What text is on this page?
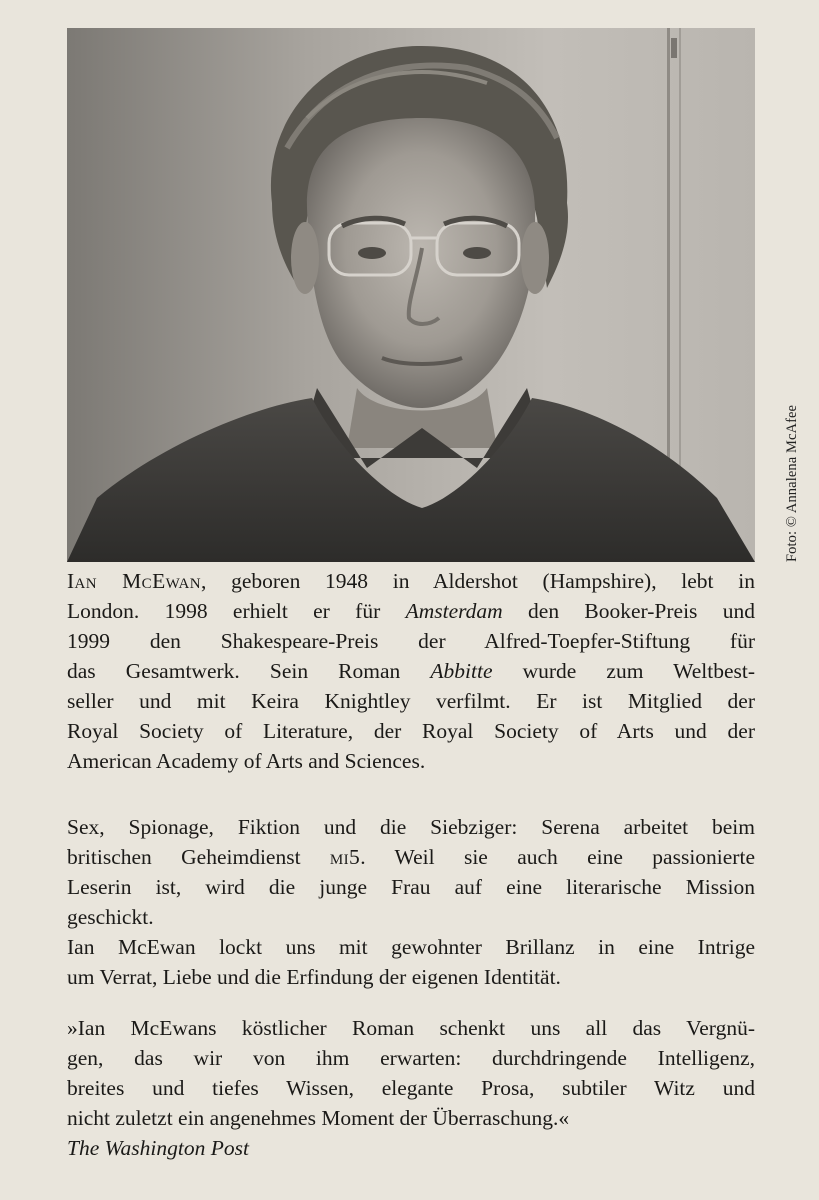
Foto: © Annalena McAfee
Ian McEwan, geboren 1948 in Aldershot (Hampshire), lebt in
London. 1998 erhielt er für Amsterdam den Booker-Preis und
1999 den Shakespeare-Preis der Alfred-Toepfer-Stiftung für
das Gesamtwerk. Sein Roman Abbitte wurde zum Weltbest-
seller und mit Keira Knightley verfilmt. Er ist Mitglied der
Royal Society of Literature, der Royal Society of Arts und der
American Academy of Arts and Sciences.
Sex, Spionage, Fiktion und die Siebziger: Serena arbeitet beim
britischen Geheimdienst mi5. Weil sie auch eine passionierte
Leserin ist, wird die junge Frau auf eine literarische Mission
geschickt.
Ian McEwan lockt uns mit gewohnter Brillanz in eine Intrige
um Verrat, Liebe und die Erfindung der eigenen Identität.
»Ian McEwans köstlicher Roman schenkt uns all das Vergnü-
gen, das wir von ihm erwarten: durchdringende Intelligenz,
breites und tiefes Wissen, elegante Prosa, subtiler Witz und
nicht zuletzt ein angenehmes Moment der Überraschung.«
The Washington Post
